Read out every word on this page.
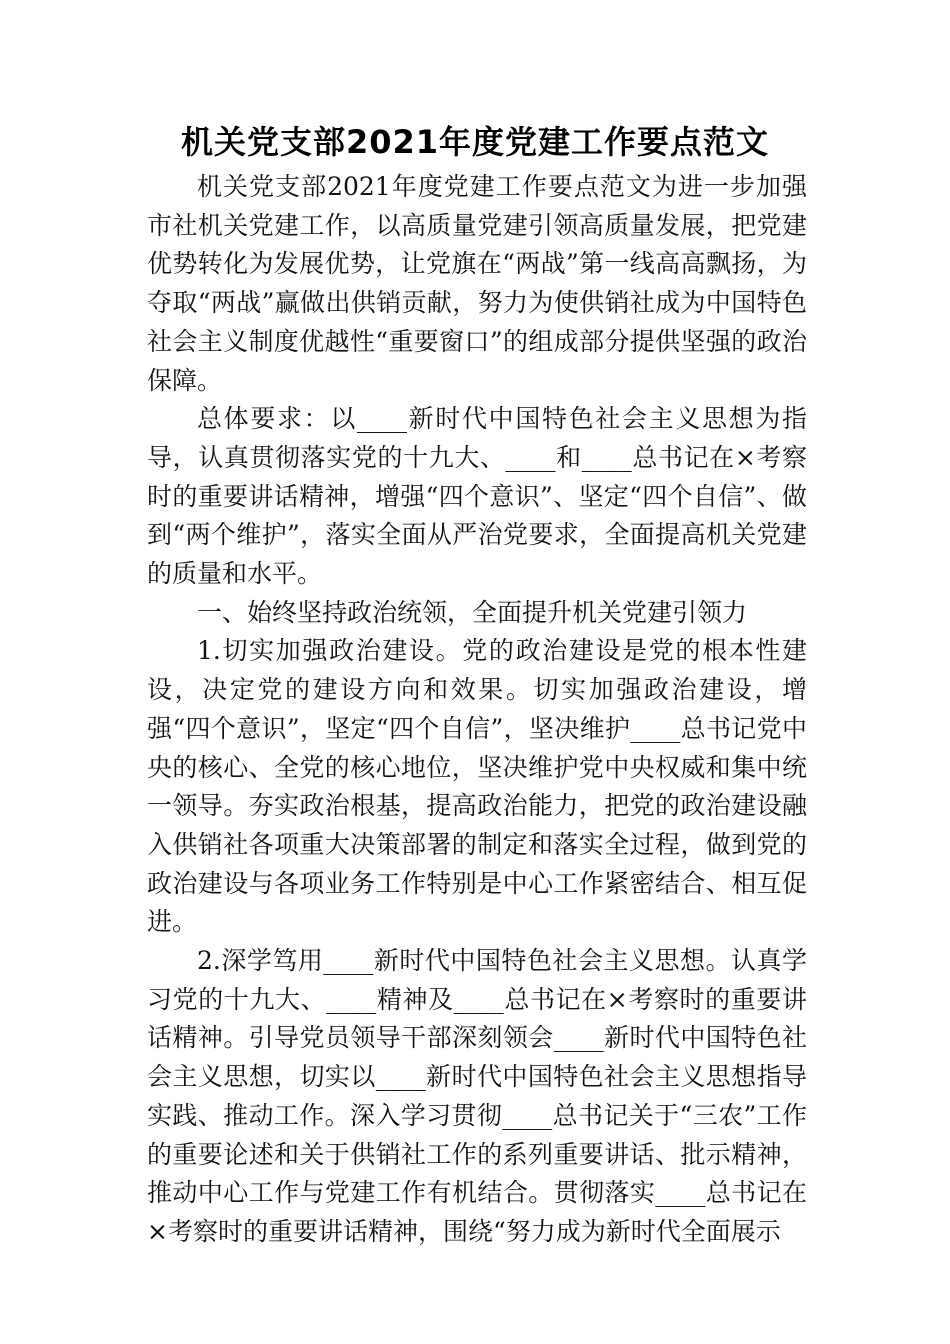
机关党支部2021年度党建工作要点范文

机关党支部2021年度党建工作要点范文为进一步加强市社机关党建工作，以高质量党建引领高质量发展，把党建优势转化为发展优势，让党旗在“两战”第一线高高飘扬，为夺取“两战”赢做出供销贡献，努力为使供销社成为中国特色社会主义制度优越性“重要窗口”的组成部分提供坚强的政治保障。

总体要求：以____新时代中国特色社会主义思想为指导，认真贯彻落实党的十九大、____和____总书记在×考察时的重要讲话精神，增强“四个意识”、坚定“四个自信”、做到“两个维护”，落实全面从严治党要求，全面提高机关党建的质量和水平。

一、始终坚持政治统领，全面提升机关党建引领力

1.切实加强政治建设。党的政治建设是党的根本性建设，决定党的建设方向和效果。切实加强政治建设，增强“四个意识”，坚定“四个自信”，坚决维护____总书记党中央的核心、全党的核心地位，坚决维护党中央权威和集中统一领导。夯实政治根基，提高政治能力，把党的政治建设融入供销社各项重大决策部署的制定和落实全过程，做到党的政治建设与各项业务工作特别是中心工作紧密结合、相互促进。

2.深学笃用____新时代中国特色社会主义思想。认真学习党的十九大、____精神及____总书记在×考察时的重要讲话精神。引导党员领导干部深刻领会____新时代中国特色社会主义思想，切实以____新时代中国特色社会主义思想指导实践、推动工作。深入学习贯彻____总书记关于“三农”工作的重要论述和关于供销社工作的系列重要讲话、批示精神，推动中心工作与党建工作有机结合。贯彻落实____总书记在×考察时的重要讲话精神，围绕“努力成为新时代全面展示
